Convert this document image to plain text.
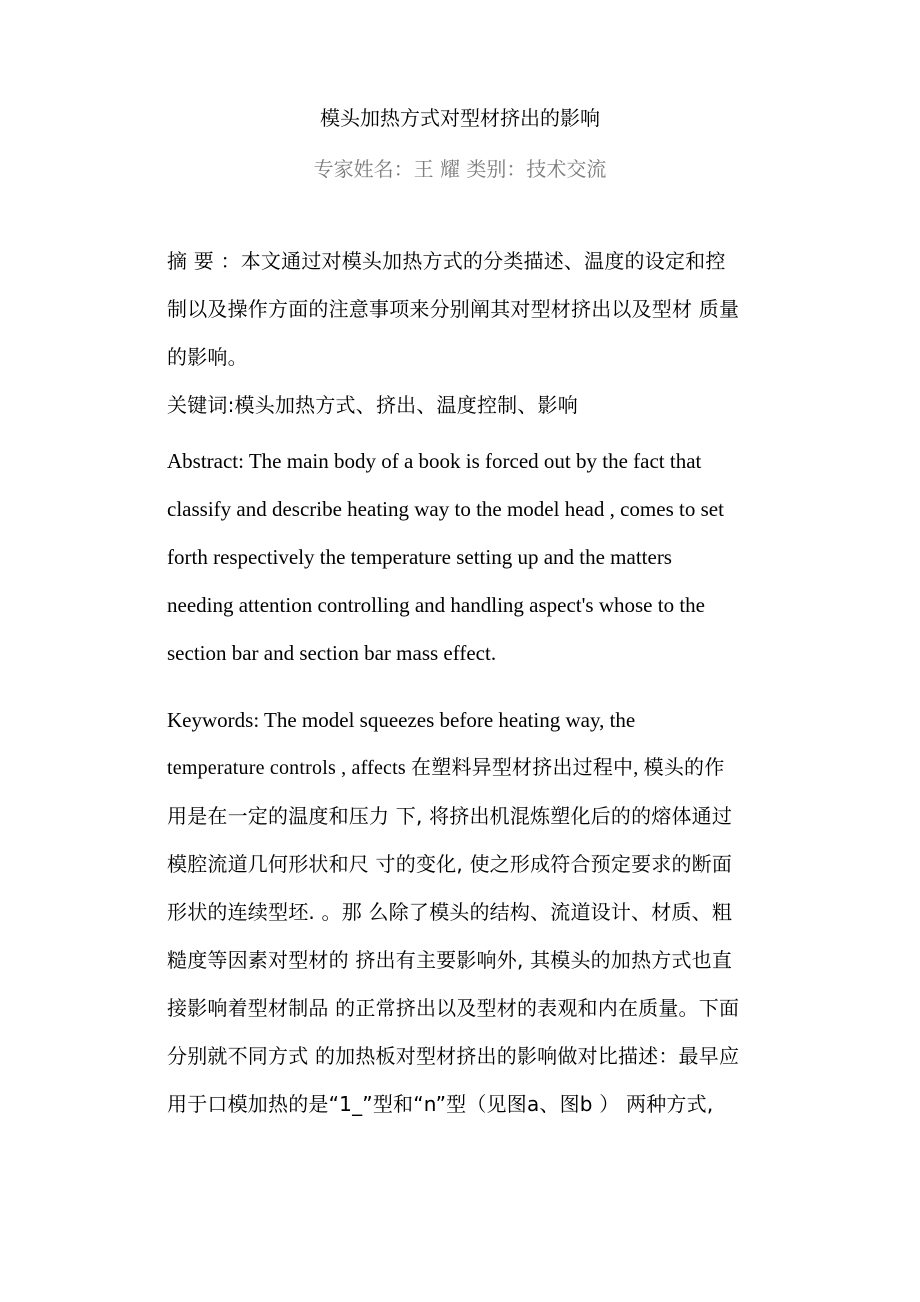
模头加热方式对型材挤出的影响
专家姓名：王 耀 类别：技术交流
摘 要 ：本文通过对模头加热方式的分类描述、温度的设定和控
制以及操作方面的注意事项来分别阐其对型材挤出以及型材 质量
的影响。
关键词:模头加热方式、挤出、温度控制、影响
Abstract: The main body of a book is forced out by the fact that
classify and describe heating way to the model head , comes to set
forth respectively the temperature setting up and the matters
needing attention controlling and handling aspect's whose to the
section bar and section bar mass effect.
Keywords: The model squeezes before heating way, the
temperature controls , affects 在塑料异型材挤出过程中, 模头的作
用是在一定的温度和压力 下, 将挤出机混炼塑化后的的熔体通过
模腔流道几何形状和尺 寸的变化, 使之形成符合预定要求的断面
形状的连续型坯. 。那 么除了模头的结构、流道设计、材质、粗
糙度等因素对型材的 挤出有主要影响外, 其模头的加热方式也直
接影响着型材制品 的正常挤出以及型材的表观和内在质量。下面
分别就不同方式 的加热板对型材挤出的影响做对比描述：最早应
用于口模加热的是“1_”型和“n”型（见图a、图b ） 两种方式,
